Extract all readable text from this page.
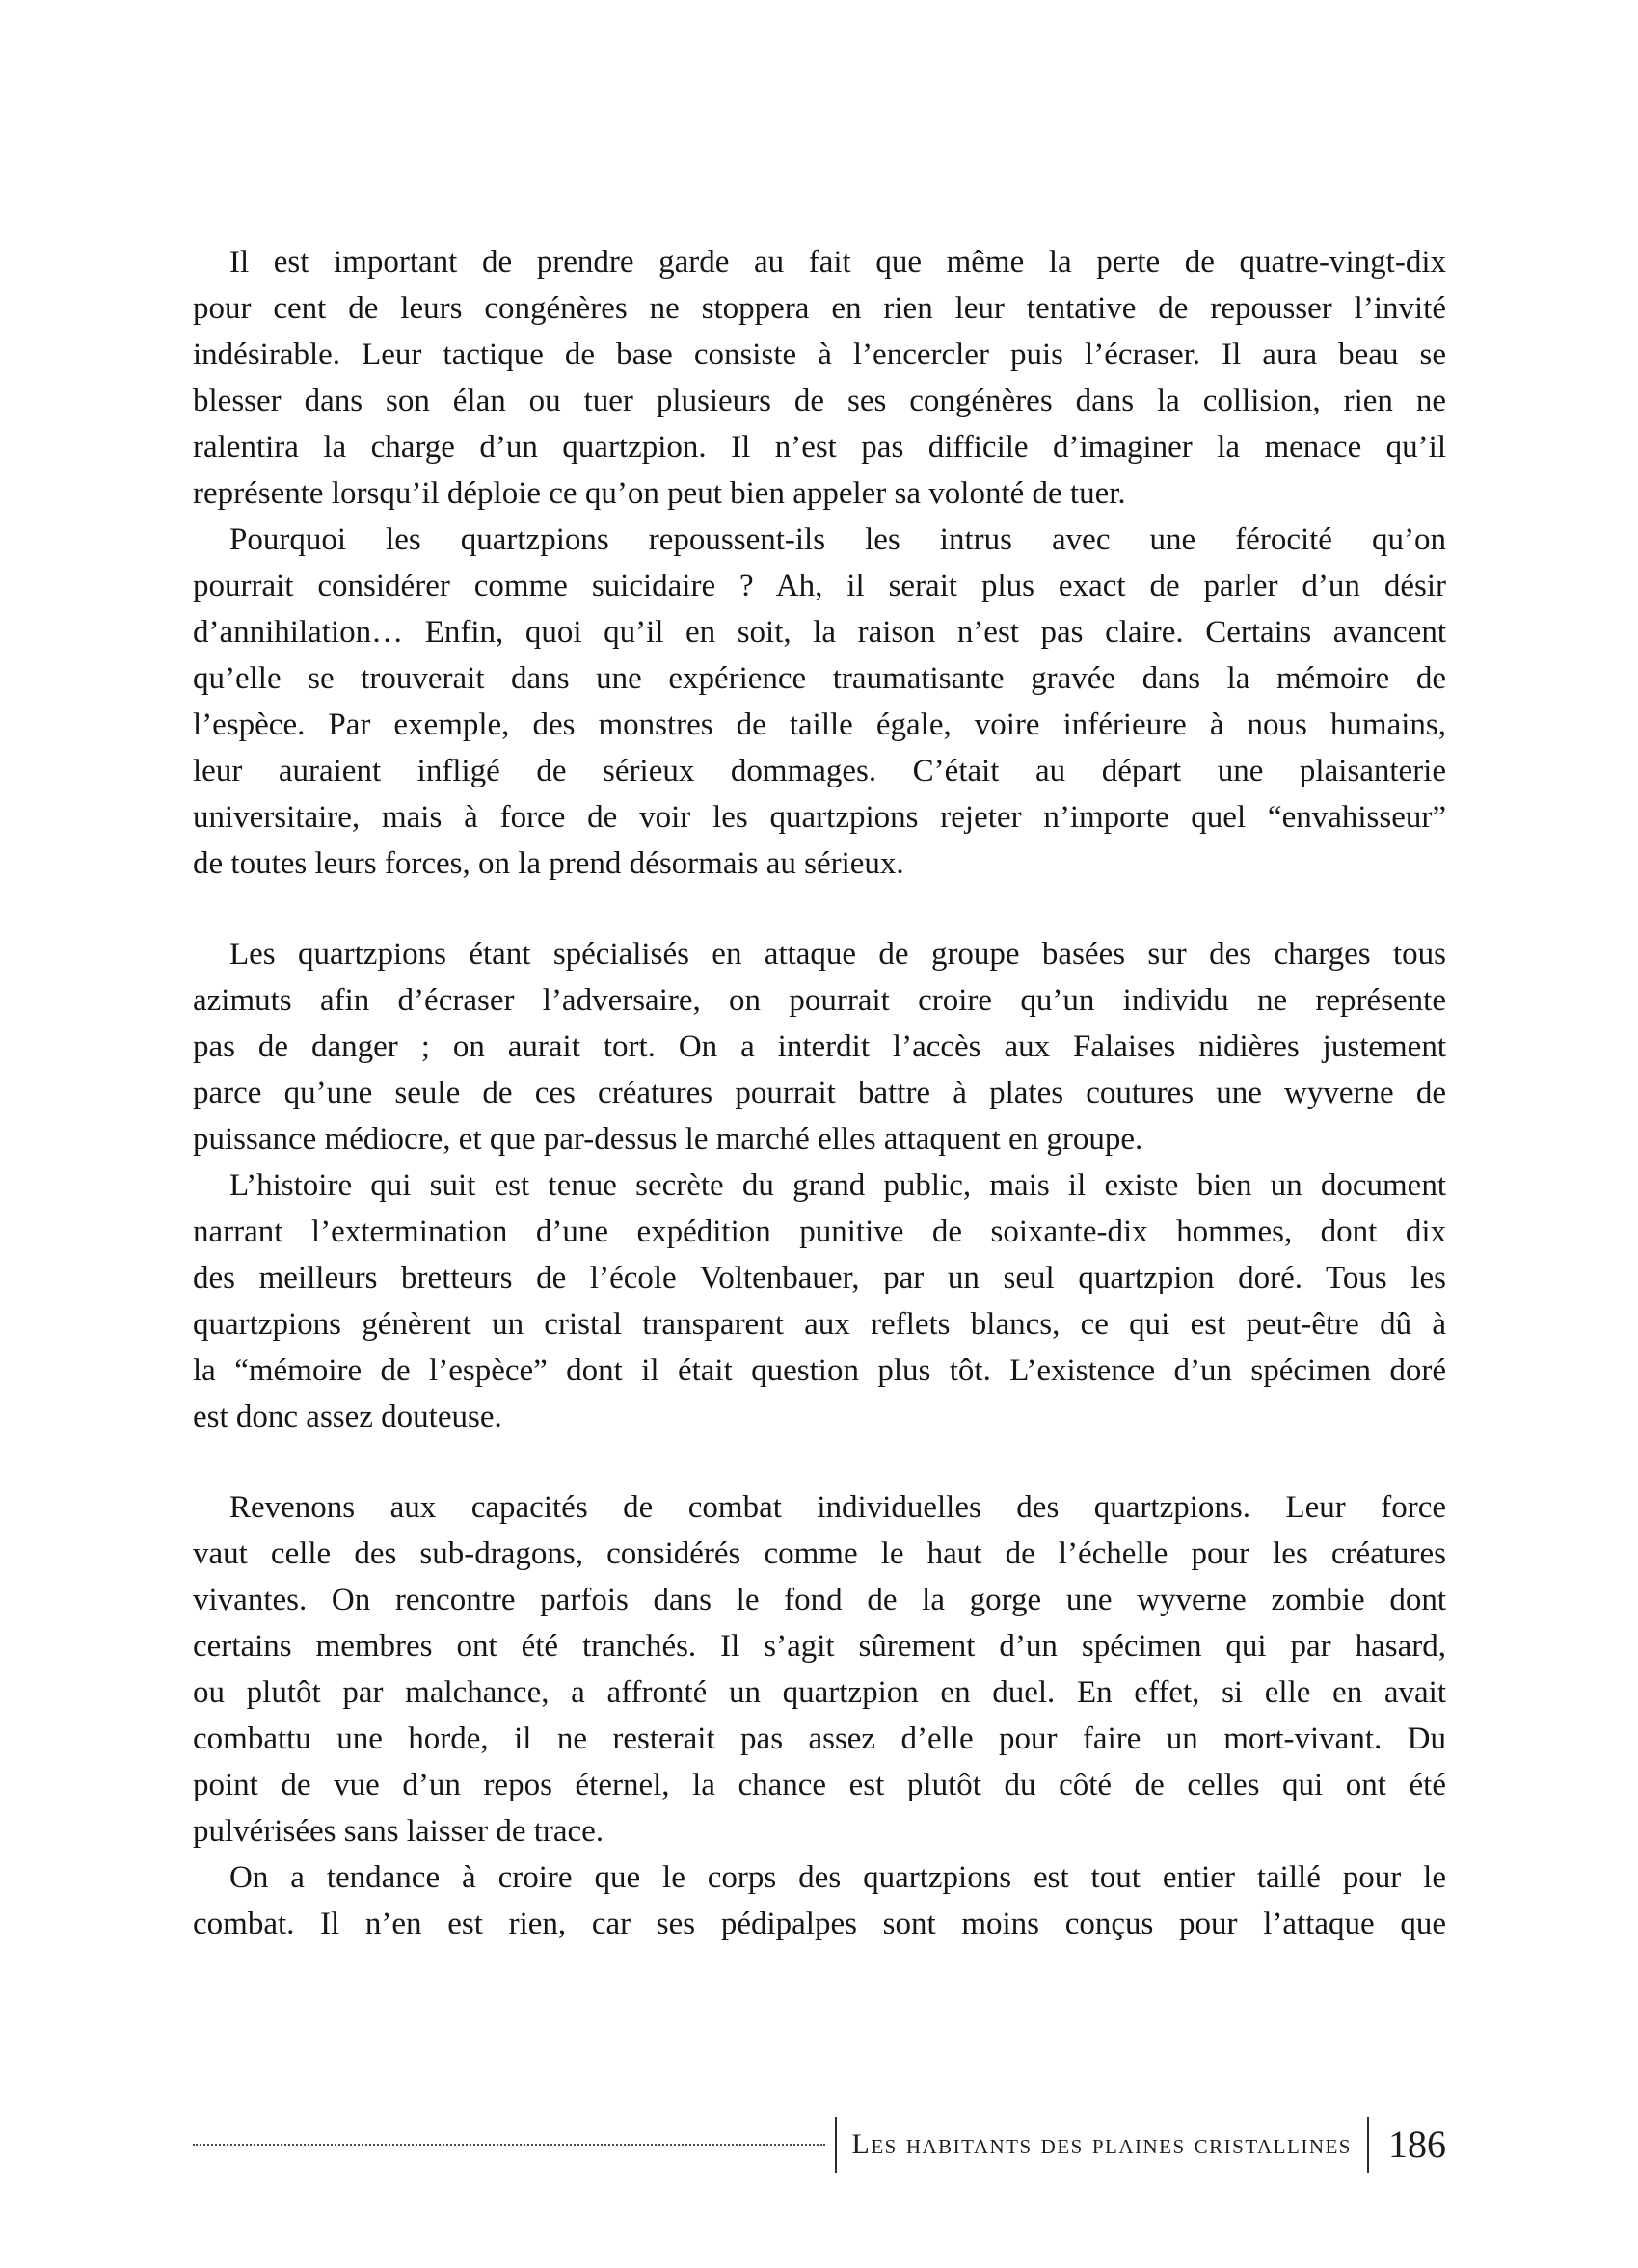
Il est important de prendre garde au fait que même la perte de quatre-vingt-dix
pour cent de leurs congénères ne stoppera en rien leur tentative de repousser l’invité
indésirable. Leur tactique de base consiste à l’encercler puis l’écraser. Il aura beau se
blesser dans son élan ou tuer plusieurs de ses congénères dans la collision, rien ne
ralentira la charge d’un quartzpion. Il n’est pas difficile d’imaginer la menace qu’il
représente lorsqu’il déploie ce qu’on peut bien appeler sa volonté de tuer.
Pourquoi les quartzpions repoussent-ils les intrus avec une férocité qu’on
pourrait considérer comme suicidaire ? Ah, il serait plus exact de parler d’un désir
d’annihilation… Enfin, quoi qu’il en soit, la raison n’est pas claire. Certains avancent
qu’elle se trouverait dans une expérience traumatisante gravée dans la mémoire de
l’espèce. Par exemple, des monstres de taille égale, voire inférieure à nous humains,
leur auraient infligé de sérieux dommages. C’était au départ une plaisanterie
universitaire, mais à force de voir les quartzpions rejeter n’importe quel “envahisseur”
de toutes leurs forces, on la prend désormais au sérieux.
Les quartzpions étant spécialisés en attaque de groupe basées sur des charges tous
azimuts afin d’écraser l’adversaire, on pourrait croire qu’un individu ne représente
pas de danger ; on aurait tort. On a interdit l’accès aux Falaises nidières justement
parce qu’une seule de ces créatures pourrait battre à plates coutures une wyverne de
puissance médiocre, et que par-dessus le marché elles attaquent en groupe.
L’histoire qui suit est tenue secrète du grand public, mais il existe bien un document
narrant l’extermination d’une expédition punitive de soixante-dix hommes, dont dix
des meilleurs bretteurs de l’école Voltenbauer, par un seul quartzpion doré. Tous les
quartzpions génèrent un cristal transparent aux reflets blancs, ce qui est peut-être dû à
la “mémoire de l’espèce” dont il était question plus tôt. L’existence d’un spécimen doré
est donc assez douteuse.
Revenons aux capacités de combat individuelles des quartzpions. Leur force
vaut celle des sub-dragons, considérés comme le haut de l’échelle pour les créatures
vivantes. On rencontre parfois dans le fond de la gorge une wyverne zombie dont
certains membres ont été tranchés. Il s’agit sûrement d’un spécimen qui par hasard,
ou plutôt par malchance, a affronté un quartzpion en duel. En effet, si elle en avait
combattu une horde, il ne resterait pas assez d’elle pour faire un mort-vivant. Du
point de vue d’un repos éternel, la chance est plutôt du côté de celles qui ont été
pulvérisées sans laisser de trace.
On a tendance à croire que le corps des quartzpions est tout entier taillé pour le
combat. Il n’en est rien, car ses pédipalpes sont moins conçus pour l’attaque que
Les habitants des plaines cristallines 186
